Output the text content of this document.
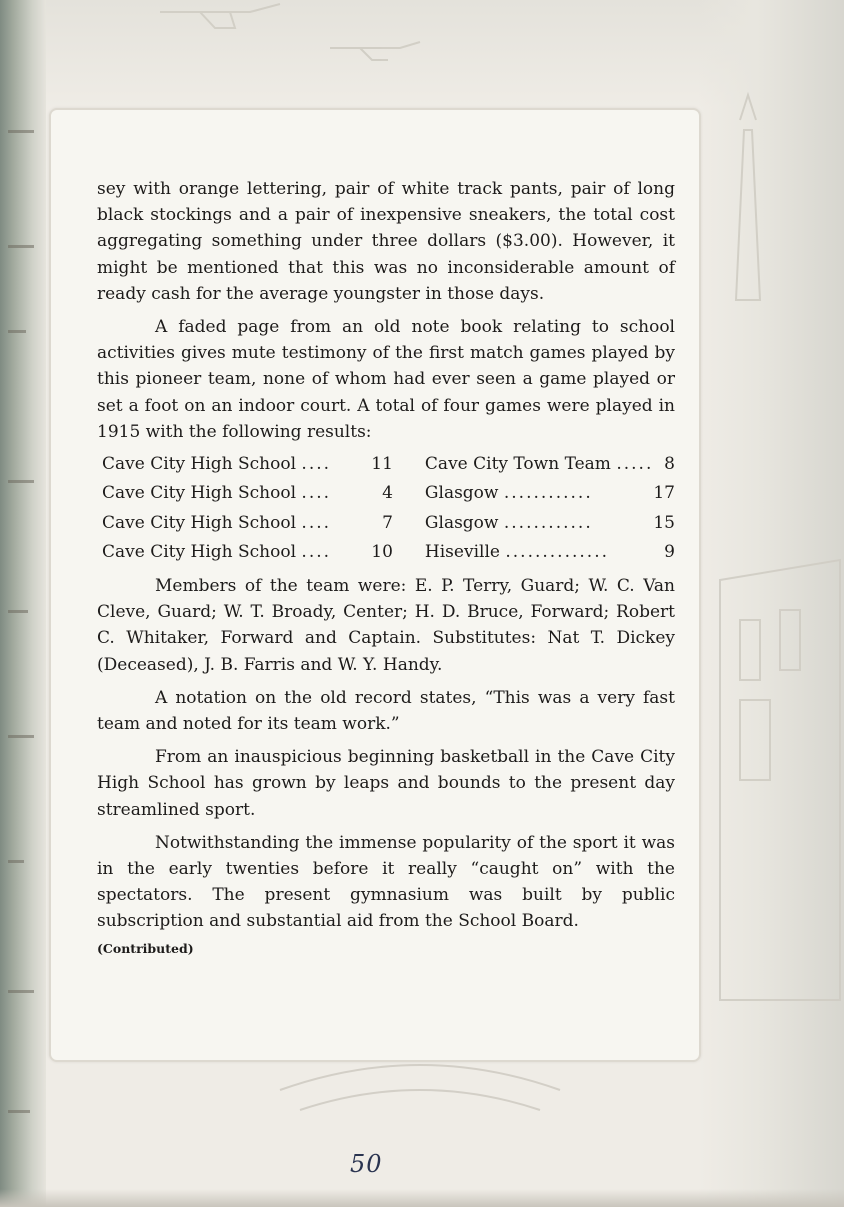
sey with orange lettering, pair of white track pants, pair of long black stockings and a pair of inexpensive sneakers, the total cost aggregating something under three dollars ($3.00). However, it might be mentioned that this was no inconsiderable amount of ready cash for the average youngster in those days.

A faded page from an old note book relating to school activities gives mute testimony of the first match games played by this pioneer team, none of whom had ever seen a game played or set a foot on an indoor court. A total of four games were played in 1915 with the following results:

Cave City High School ....	11	Cave City Town Team .....	8
Cave City High School ....	4	Glasgow ............	17
Cave City High School ....	7	Glasgow ............	15
Cave City High School ....	10	Hiseville ..............	9

Members of the team were: E. P. Terry, Guard; W. C. Van Cleve, Guard; W. T. Broady, Center; H. D. Bruce, Forward; Robert C. Whitaker, Forward and Captain. Substitutes: Nat T. Dickey (Deceased), J. B. Farris and W. Y. Handy.

A notation on the old record states, “This was a very fast team and noted for its team work.”

From an inauspicious beginning basketball in the Cave City High School has grown by leaps and bounds to the present day streamlined sport.

Notwithstanding the immense popularity of the sport it was in the early twenties before it really “caught on” with the spectators. The present gymnasium was built by public subscription and substantial aid from the School Board.

(Contributed)

50
